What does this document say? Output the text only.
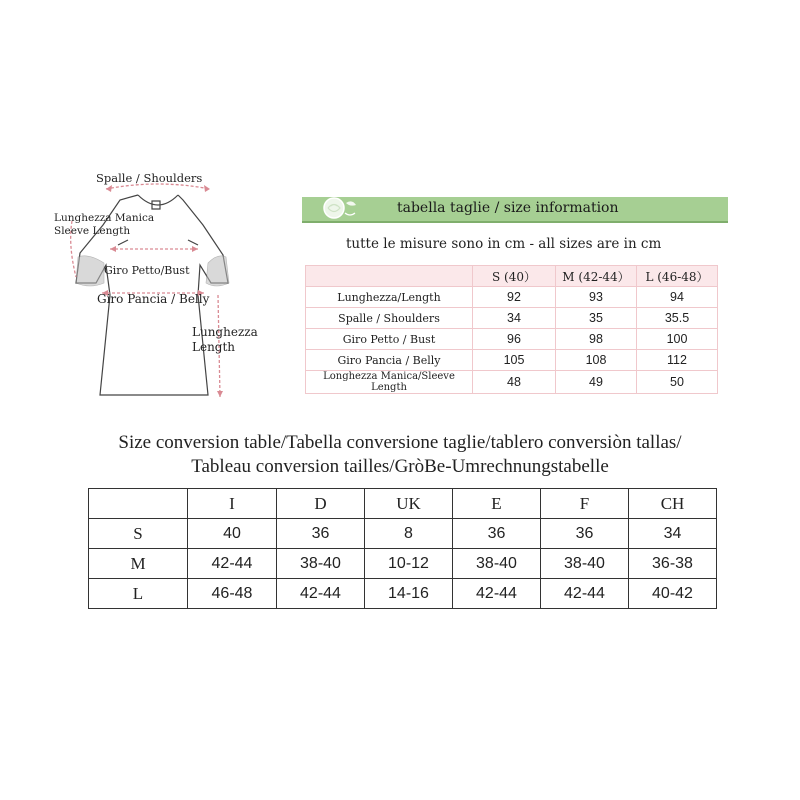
Spalle / Shoulders
Lunghezza Manica
Sleeve Length
Giro Petto/Bust
Giro Pancia / Belly
Lunghezza
Length
tabella taglie / size information
tutte le misure sono in cm - all sizes are in cm
	S (40）	M (42-44）	L (46-48）
Lunghezza/Length	92	93	94
Spalle / Shoulders	34	35	35.5
Giro Petto / Bust	96	98	100
Giro Pancia / Belly	105	108	112
Longhezza Manica/Sleeve Length	48	49	50
Size conversion table/Tabella conversione taglie/tablero conversiòn tallas/
Tableau conversion tailles/GròBe-Umrechnungstabelle
	I	D	UK	E	F	CH
S	40	36	8	36	36	34
M	42-44	38-40	10-12	38-40	38-40	36-38
L	46-48	42-44	14-16	42-44	42-44	40-42
